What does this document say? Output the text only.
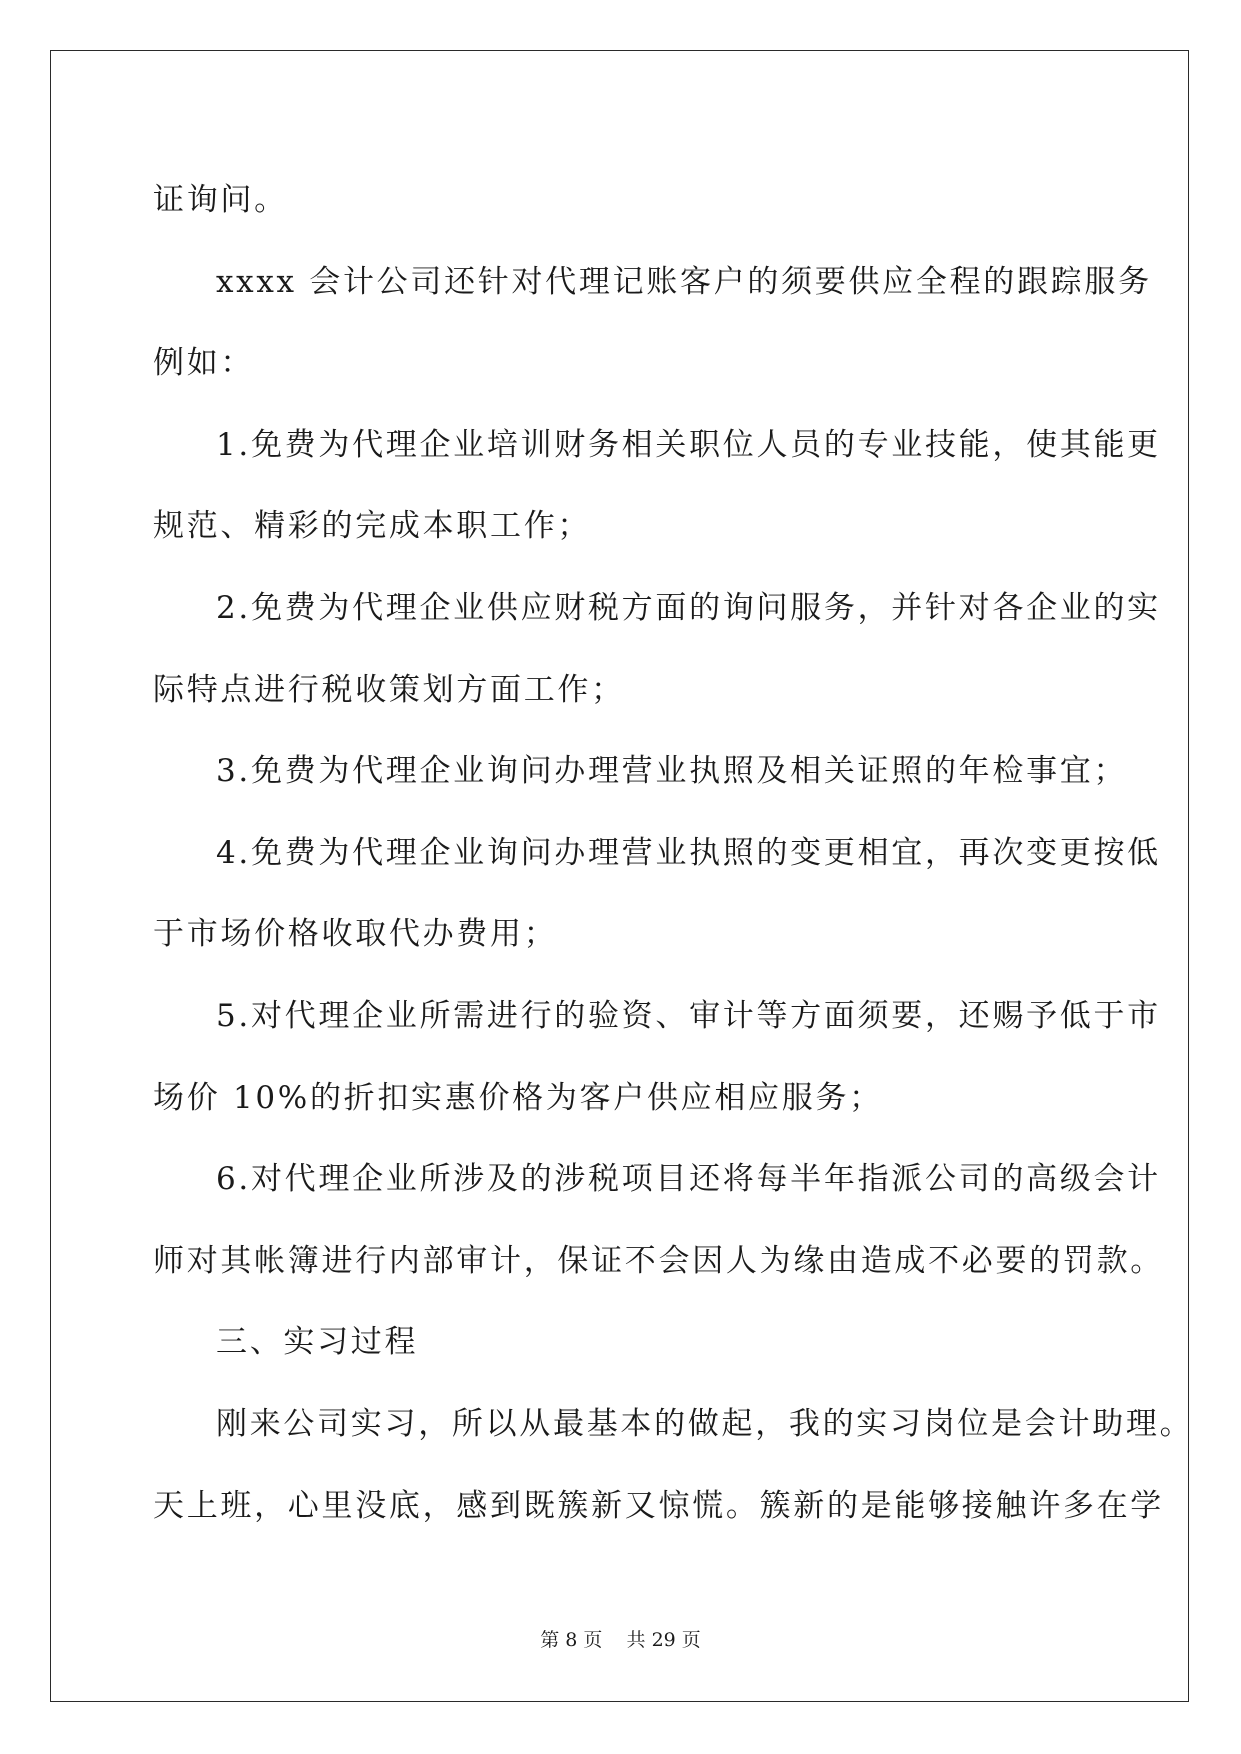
证询问。

xxxx 会计公司还针对代理记账客户的须要供应全程的跟踪服务

例如：

1.免费为代理企业培训财务相关职位人员的专业技能，使其能更

规范、精彩的完成本职工作；

2.免费为代理企业供应财税方面的询问服务，并针对各企业的实

际特点进行税收策划方面工作；

3.免费为代理企业询问办理营业执照及相关证照的年检事宜；

4.免费为代理企业询问办理营业执照的变更相宜，再次变更按低

于市场价格收取代办费用；

5.对代理企业所需进行的验资、审计等方面须要，还赐予低于市

场价 10%的折扣实惠价格为客户供应相应服务；

6.对代理企业所涉及的涉税项目还将每半年指派公司的高级会计

师对其帐簿进行内部审计，保证不会因人为缘由造成不必要的罚款。

三、实习过程

刚来公司实习，所以从最基本的做起，我的实习岗位是会计助理。

天上班，心里没底，感到既簇新又惊慌。簇新的是能够接触许多在学

第 8 页    共 29 页
